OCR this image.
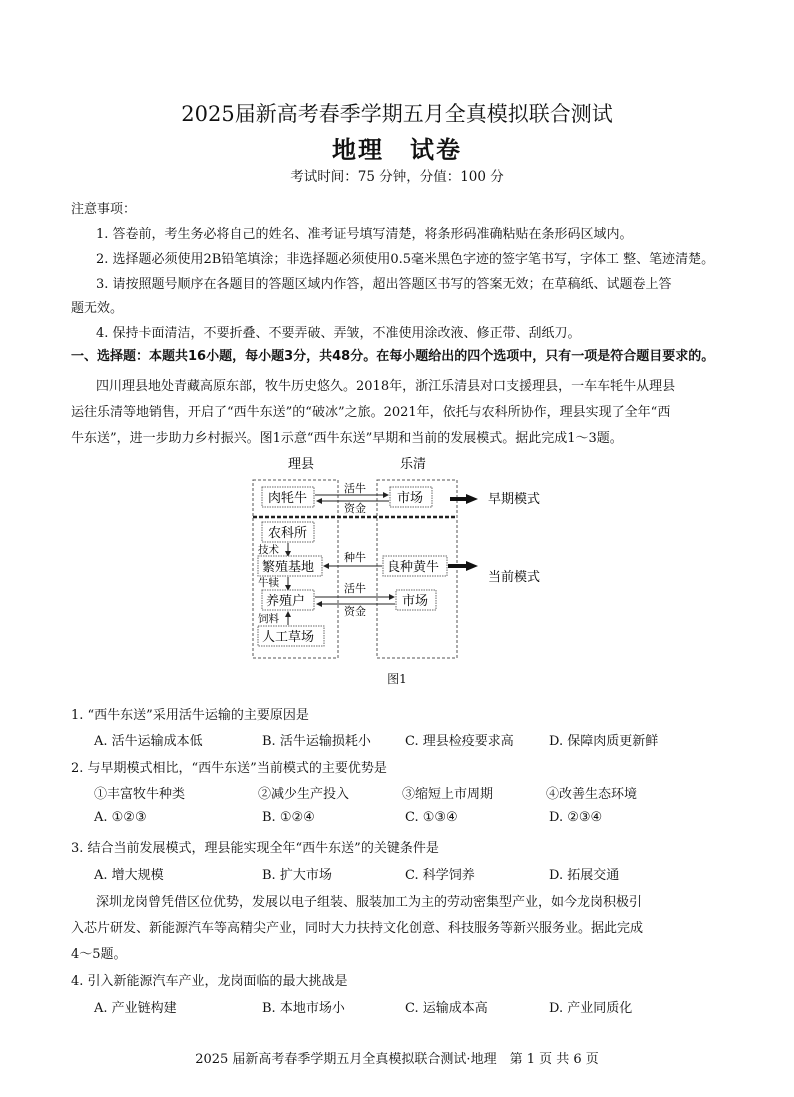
2025届新高考春季学期五月全真模拟联合测试
地理　试卷
考试时间：75 分钟，分值：100 分
注意事项：
1. 答卷前，考生务必将自己的姓名、准考证号填写清楚，将条形码准确粘贴在条形码区域内。
2. 选择题必须使用2B铅笔填涂；非选择题必须使用0.5毫米黑色字迹的签字笔书写，字体工 整、笔迹清楚。
3. 请按照题号顺序在各题目的答题区域内作答，超出答题区书写的答案无效；在草稿纸、试题卷上答
题无效。
4. 保持卡面清洁，不要折叠、不要弄破、弄皱，不准使用涂改液、修正带、刮纸刀。
一、选择题：本题共16小题，每小题3分，共48分。在每小题给出的四个选项中，只有一项是符合题目要求的。
四川理县地处青藏高原东部，牧牛历史悠久。2018年，浙江乐清县对口支援理县，一车车牦牛从理县
运往乐清等地销售，开启了“西牛东送”的“破冰”之旅。2021年，依托与农科所协作，理县实现了全年“西
牛东送”，进一步助力乡村振兴。图1示意“西牛东送”早期和当前的发展模式。据此完成1～3题。
理县	乐清
肉牦牛	市场
活牛
资金
早期模式
农科所
技术
繁殖基地	良种黄牛
种牛
当前模式
牛犊
养殖户	市场
活牛
资金
饲料
人工草场
图1
1. “西牛东送”采用活牛运输的主要原因是
A. 活牛运输成本低	B. 活牛运输损耗小	C. 理县检疫要求高	D. 保障肉质更新鲜
2. 与早期模式相比，“西牛东送”当前模式的主要优势是
①丰富牧牛种类	②减少生产投入	③缩短上市周期	④改善生态环境
A. ①②③	B. ①②④	C. ①③④	D. ②③④
3. 结合当前发展模式，理县能实现全年“西牛东送”的关键条件是
A. 增大规模	B. 扩大市场	C. 科学饲养	D. 拓展交通
深圳龙岗曾凭借区位优势，发展以电子组装、服装加工为主的劳动密集型产业，如今龙岗积极引
入芯片研发、新能源汽车等高精尖产业，同时大力扶持文化创意、科技服务等新兴服务业。据此完成
4～5题。
4. 引入新能源汽车产业，龙岗面临的最大挑战是
A. 产业链构建	B. 本地市场小	C. 运输成本高	D. 产业同质化
2025 届新高考春季学期五月全真模拟联合测试·地理　第 1 页 共 6 页
